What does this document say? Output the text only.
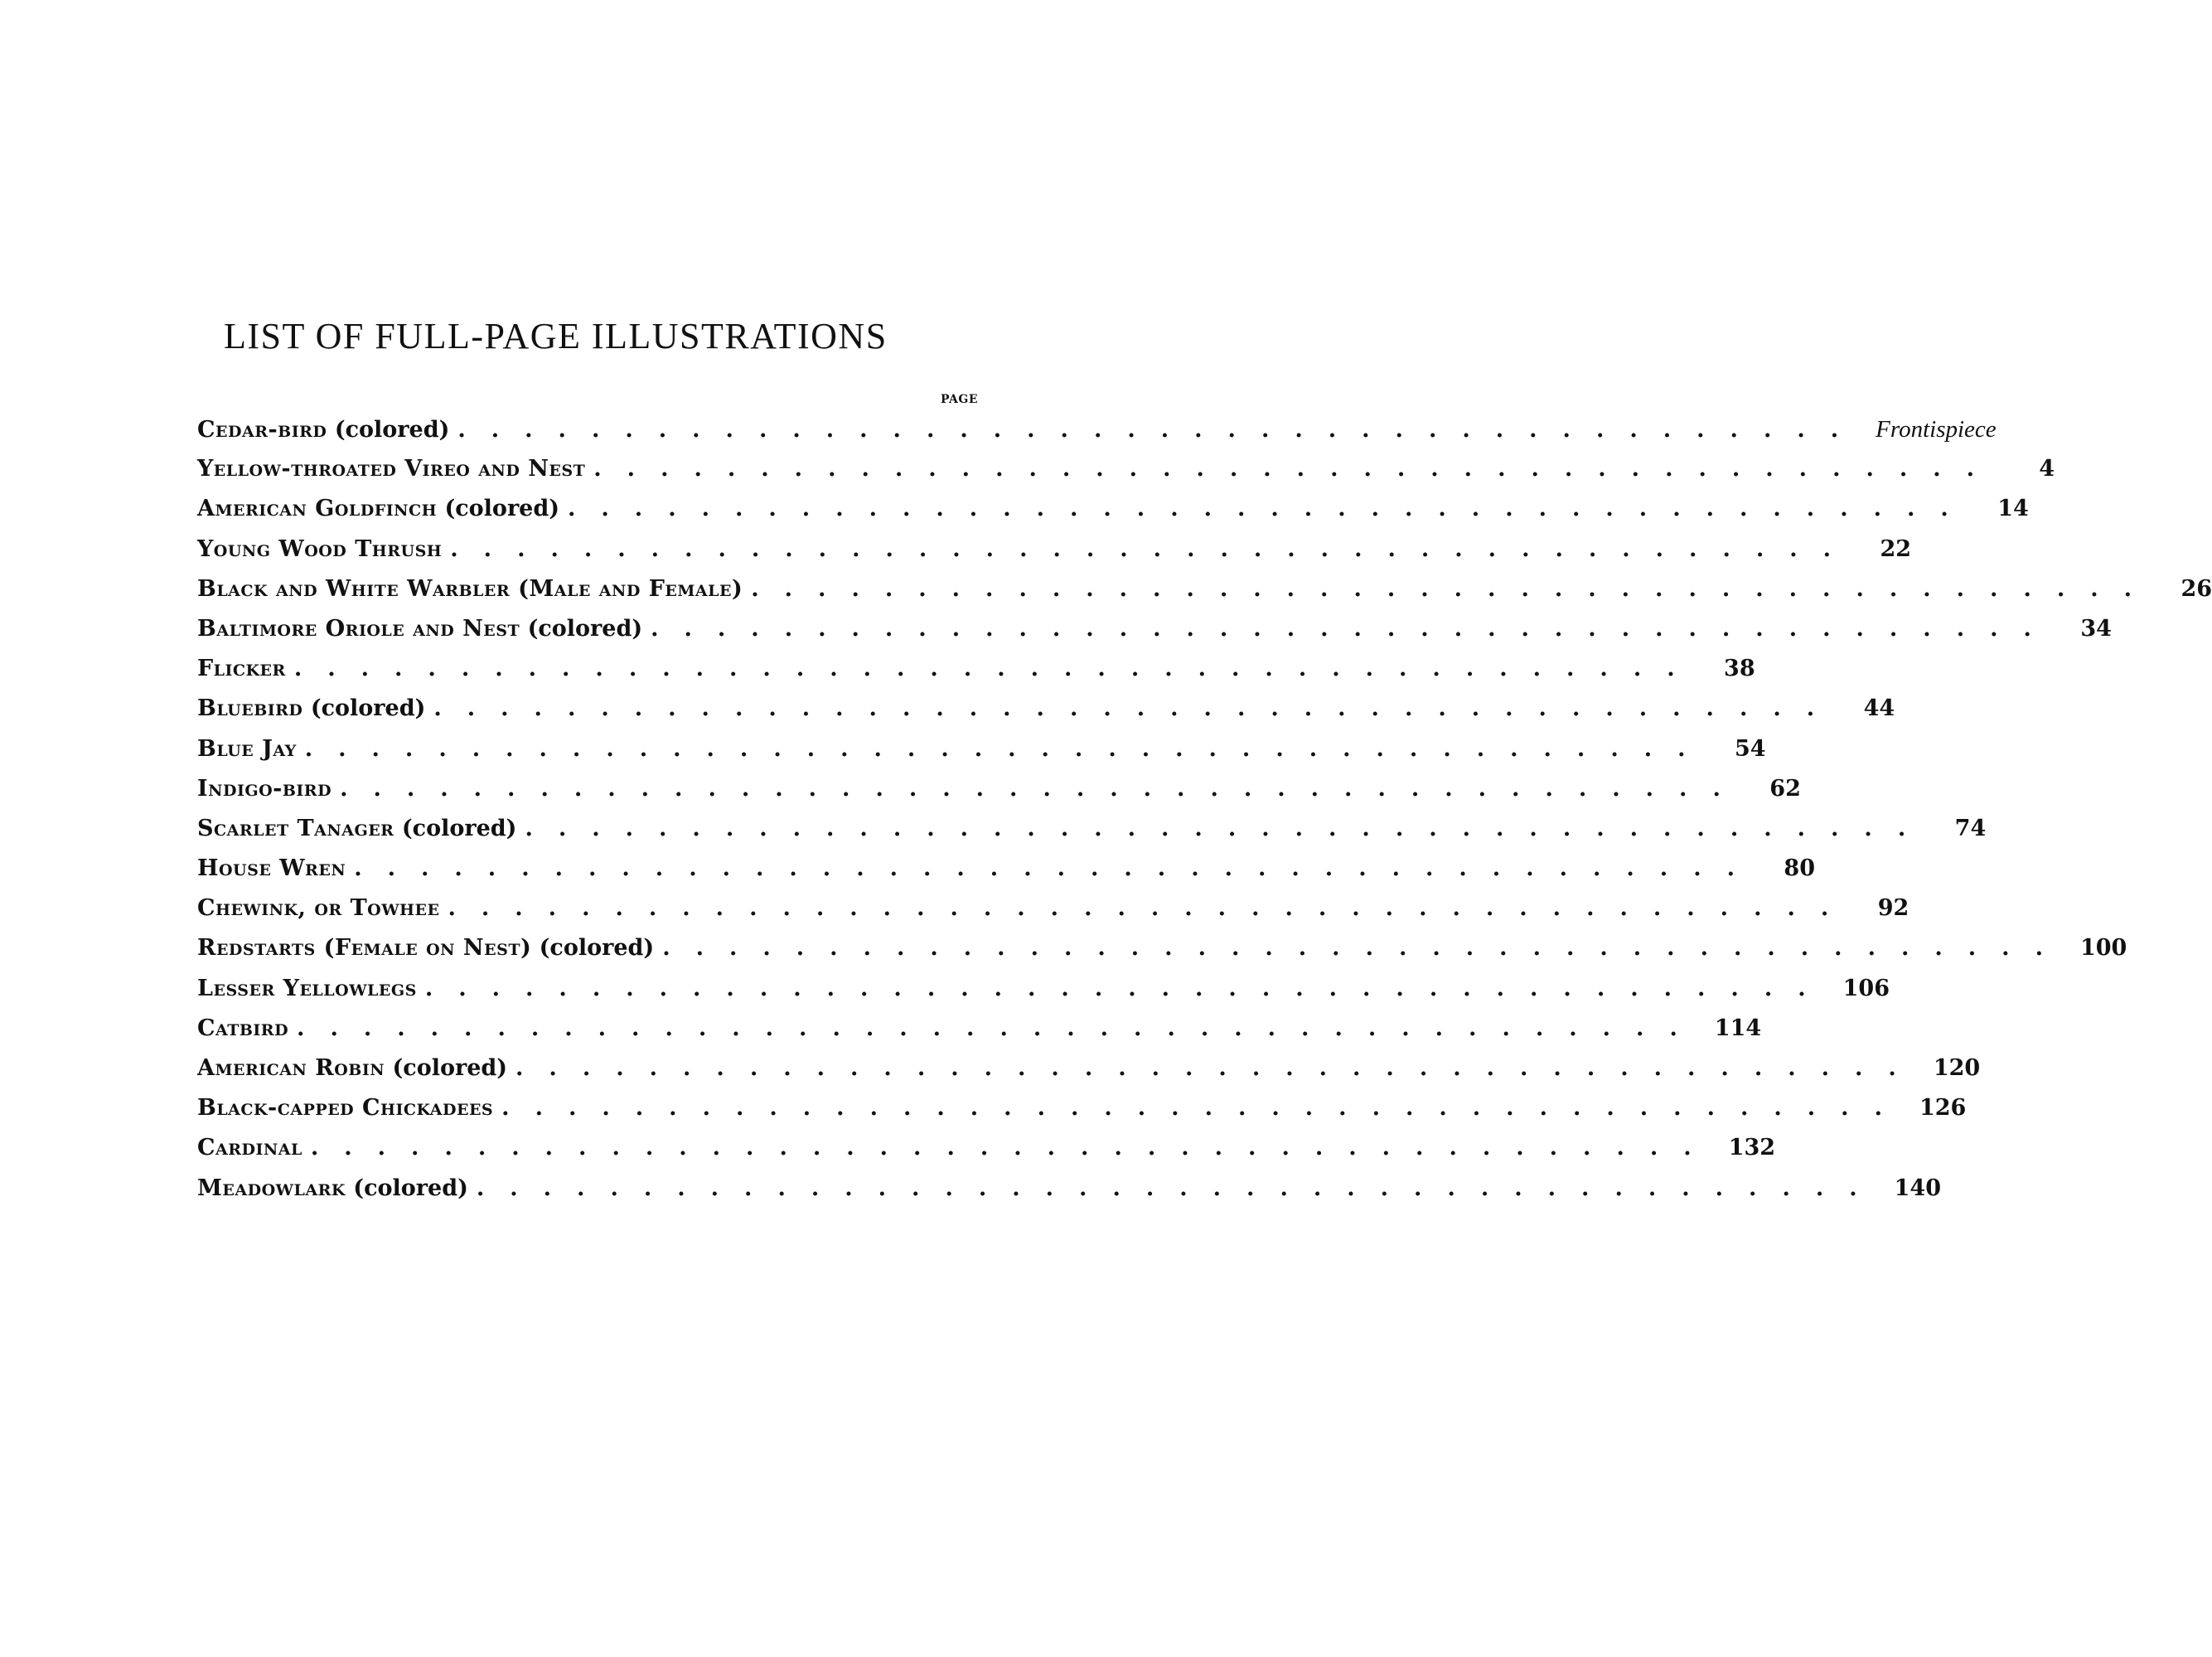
LIST OF FULL-PAGE ILLUSTRATIONS
PAGE
Cedar-bird (colored) .......................................... Frontispiece
Yellow-throated Vireo and Nest ..........................................	4
American Goldfinch (colored) ..........................................	14
Young Wood Thrush ..........................................	22
Black and White Warbler (Male and Female) ..........................................	26
Baltimore Oriole and Nest (colored) ..........................................	34
Flicker ..........................................	38
Bluebird (colored) ..........................................	44
Blue Jay ..........................................	54
Indigo-bird ..........................................	62
Scarlet Tanager (colored) ..........................................	74
House Wren ..........................................	80
Chewink, or Towhee ..........................................	92
Redstarts (Female on Nest) (colored) .......................................... 100
Lesser Yellowlegs .......................................... 106
Catbird .......................................... 114
American Robin (colored) .......................................... 120
Black-capped Chickadees .......................................... 126
Cardinal .......................................... 132
Meadowlark (colored) .......................................... 140
